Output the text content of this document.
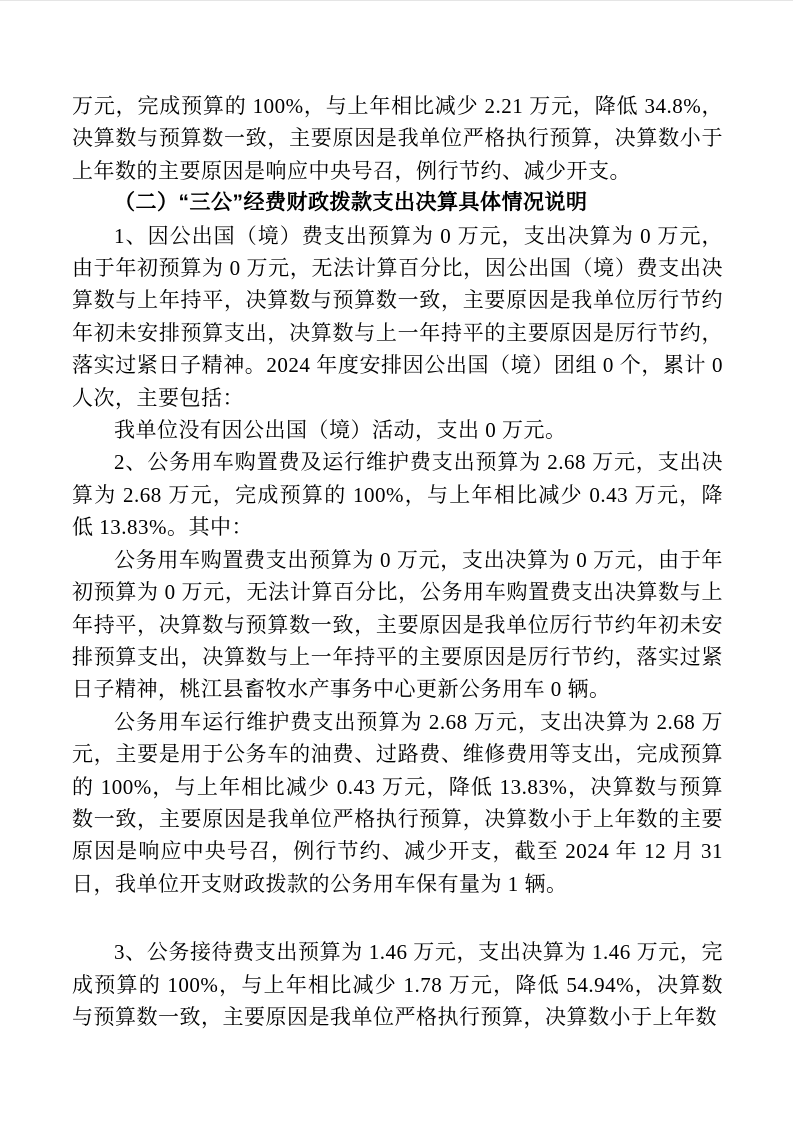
万元，完成预算的 100%，与上年相比减少 2.21 万元，降低 34.8%，决算数与预算数一致，主要原因是我单位严格执行预算，决算数小于上年数的主要原因是响应中央号召，例行节约、减少开支。

（二）“三公”经费财政拨款支出决算具体情况说明

1、因公出国（境）费支出预算为 0 万元，支出决算为 0 万元，由于年初预算为 0 万元，无法计算百分比，因公出国（境）费支出决算数与上年持平，决算数与预算数一致，主要原因是我单位厉行节约年初未安排预算支出，决算数与上一年持平的主要原因是厉行节约，落实过紧日子精神。2024 年度安排因公出国（境）团组 0 个，累计 0 人次，主要包括：

我单位没有因公出国（境）活动，支出 0 万元。

2、公务用车购置费及运行维护费支出预算为 2.68 万元，支出决算为 2.68 万元，完成预算的 100%，与上年相比减少 0.43 万元，降低 13.83%。其中：

公务用车购置费支出预算为 0 万元，支出决算为 0 万元，由于年初预算为 0 万元，无法计算百分比，公务用车购置费支出决算数与上年持平，决算数与预算数一致，主要原因是我单位厉行节约年初未安排预算支出，决算数与上一年持平的主要原因是厉行节约，落实过紧日子精神，桃江县畜牧水产事务中心更新公务用车 0 辆。

公务用车运行维护费支出预算为 2.68 万元，支出决算为 2.68 万元，主要是用于公务车的油费、过路费、维修费用等支出，完成预算的 100%，与上年相比减少 0.43 万元，降低 13.83%，决算数与预算数一致，主要原因是我单位严格执行预算，决算数小于上年数的主要原因是响应中央号召，例行节约、减少开支，截至 2024 年 12 月 31 日，我单位开支财政拨款的公务用车保有量为 1 辆。

3、公务接待费支出预算为 1.46 万元，支出决算为 1.46 万元，完成预算的 100%，与上年相比减少 1.78 万元，降低 54.94%，决算数与预算数一致，主要原因是我单位严格执行预算，决算数小于上年数
